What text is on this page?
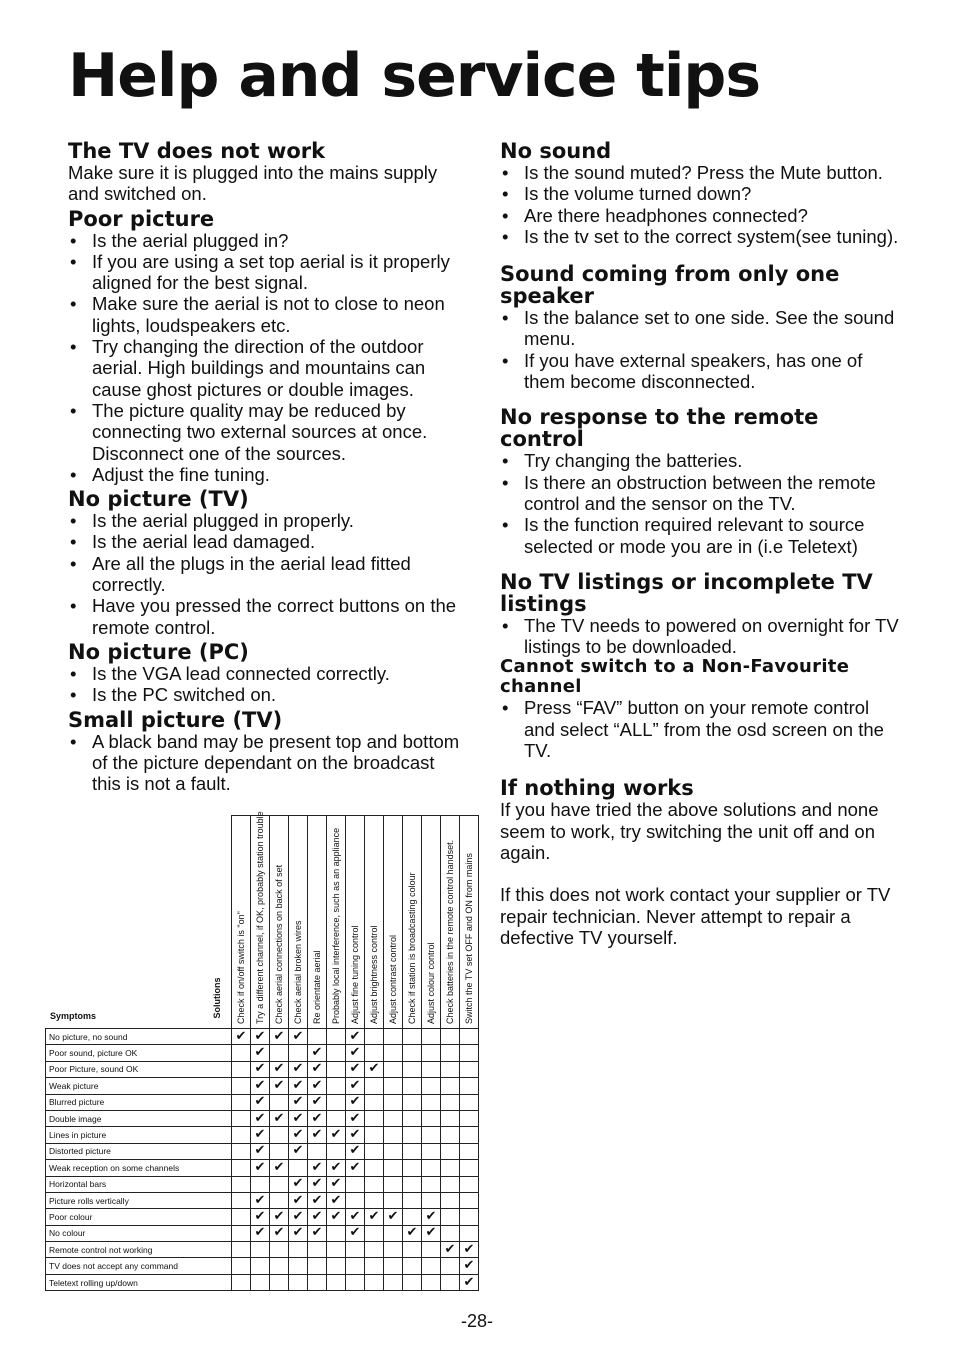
Help and service tips
The TV does not work

Make sure it is plugged into the mains supply and switched on.

Poor picture
• Is the aerial plugged in?
• If you are using a set top aerial is it properly aligned for the best signal.
• Make sure the aerial is not to close to neon lights, loudspeakers etc.
• Try changing the direction of the outdoor aerial. High buildings and mountains can cause ghost pictures or double images.
• The picture quality may be reduced by connecting two external sources at once. Disconnect one of the sources.
• Adjust the fine tuning.
No picture (TV)
• Is the aerial plugged in properly.
• Is the aerial lead damaged.
• Are all the plugs in the aerial lead fitted correctly.
• Have you pressed the correct buttons on the remote control.
No picture (PC)
• Is the VGA lead connected correctly.
• Is the PC switched on.
Small picture (TV)
• A black band may be present top and bottom of the picture dependant on the broadcast this is not a fault.
No sound
• Is the sound muted? Press the Mute button.
• Is the volume turned down?
• Are there headphones connected?
• Is the tv set to the correct system(see tuning).
Sound coming from only one speaker
• Is the balance set to one side. See the sound menu.
• If you have external speakers, has one of them become disconnected.
No response to the remote control
• Try changing the batteries.
• Is there an obstruction between the remote control and the sensor on the TV.
• Is the function required relevant to source selected or mode you are in (i.e Teletext)
No TV listings or incomplete TV listings
• The TV needs to powered on overnight for TV listings to be downloaded.
Cannot switch to a Non-Favourite channel
• Press “FAV” button on your remote control and select “ALL” from the osd screen on the TV.
If nothing works

If you have tried the above solutions and none seem to work, try switching the unit off and on again.

If this does not work contact your supplier or TV repair technician. Never attempt to repair a defective TV yourself.

Symptoms	Solutions

	Check if on/off switch is "on"	Try a different channel, if OK, probably station trouble	Check aerial connections on back of set	Check aerial broken wires	Re orientate aerial	Probably local interference, such as an appliance	Adjust fine tuning control	Adjust brightness control	Adjust contrast control	Check if station is broadcasting colour	Adjust colour control	Check batteries in the remote control handset.	Switch the TV set OFF and ON from mains

No picture, no sound	✔	✔	✔	✔			✔						
Poor sound, picture OK		✔			✔		✔						
Poor Picture, sound OK		✔	✔	✔	✔		✔	✔					
Weak picture		✔	✔	✔	✔		✔						
Blurred picture		✔		✔	✔		✔						
Double image		✔	✔	✔	✔		✔						
Lines in picture		✔		✔	✔	✔	✔						
Distorted picture		✔		✔			✔						
Weak reception on some channels		✔	✔		✔	✔	✔						
Horizontal bars				✔	✔	✔							
Picture rolls vertically		✔		✔	✔	✔							
Poor colour		✔	✔	✔	✔	✔	✔	✔	✔		✔		
No colour		✔	✔	✔	✔		✔			✔	✔		
Remote control not working												✔	✔
TV does not accept any command													✔
Teletext rolling up/down													✔
-28-
